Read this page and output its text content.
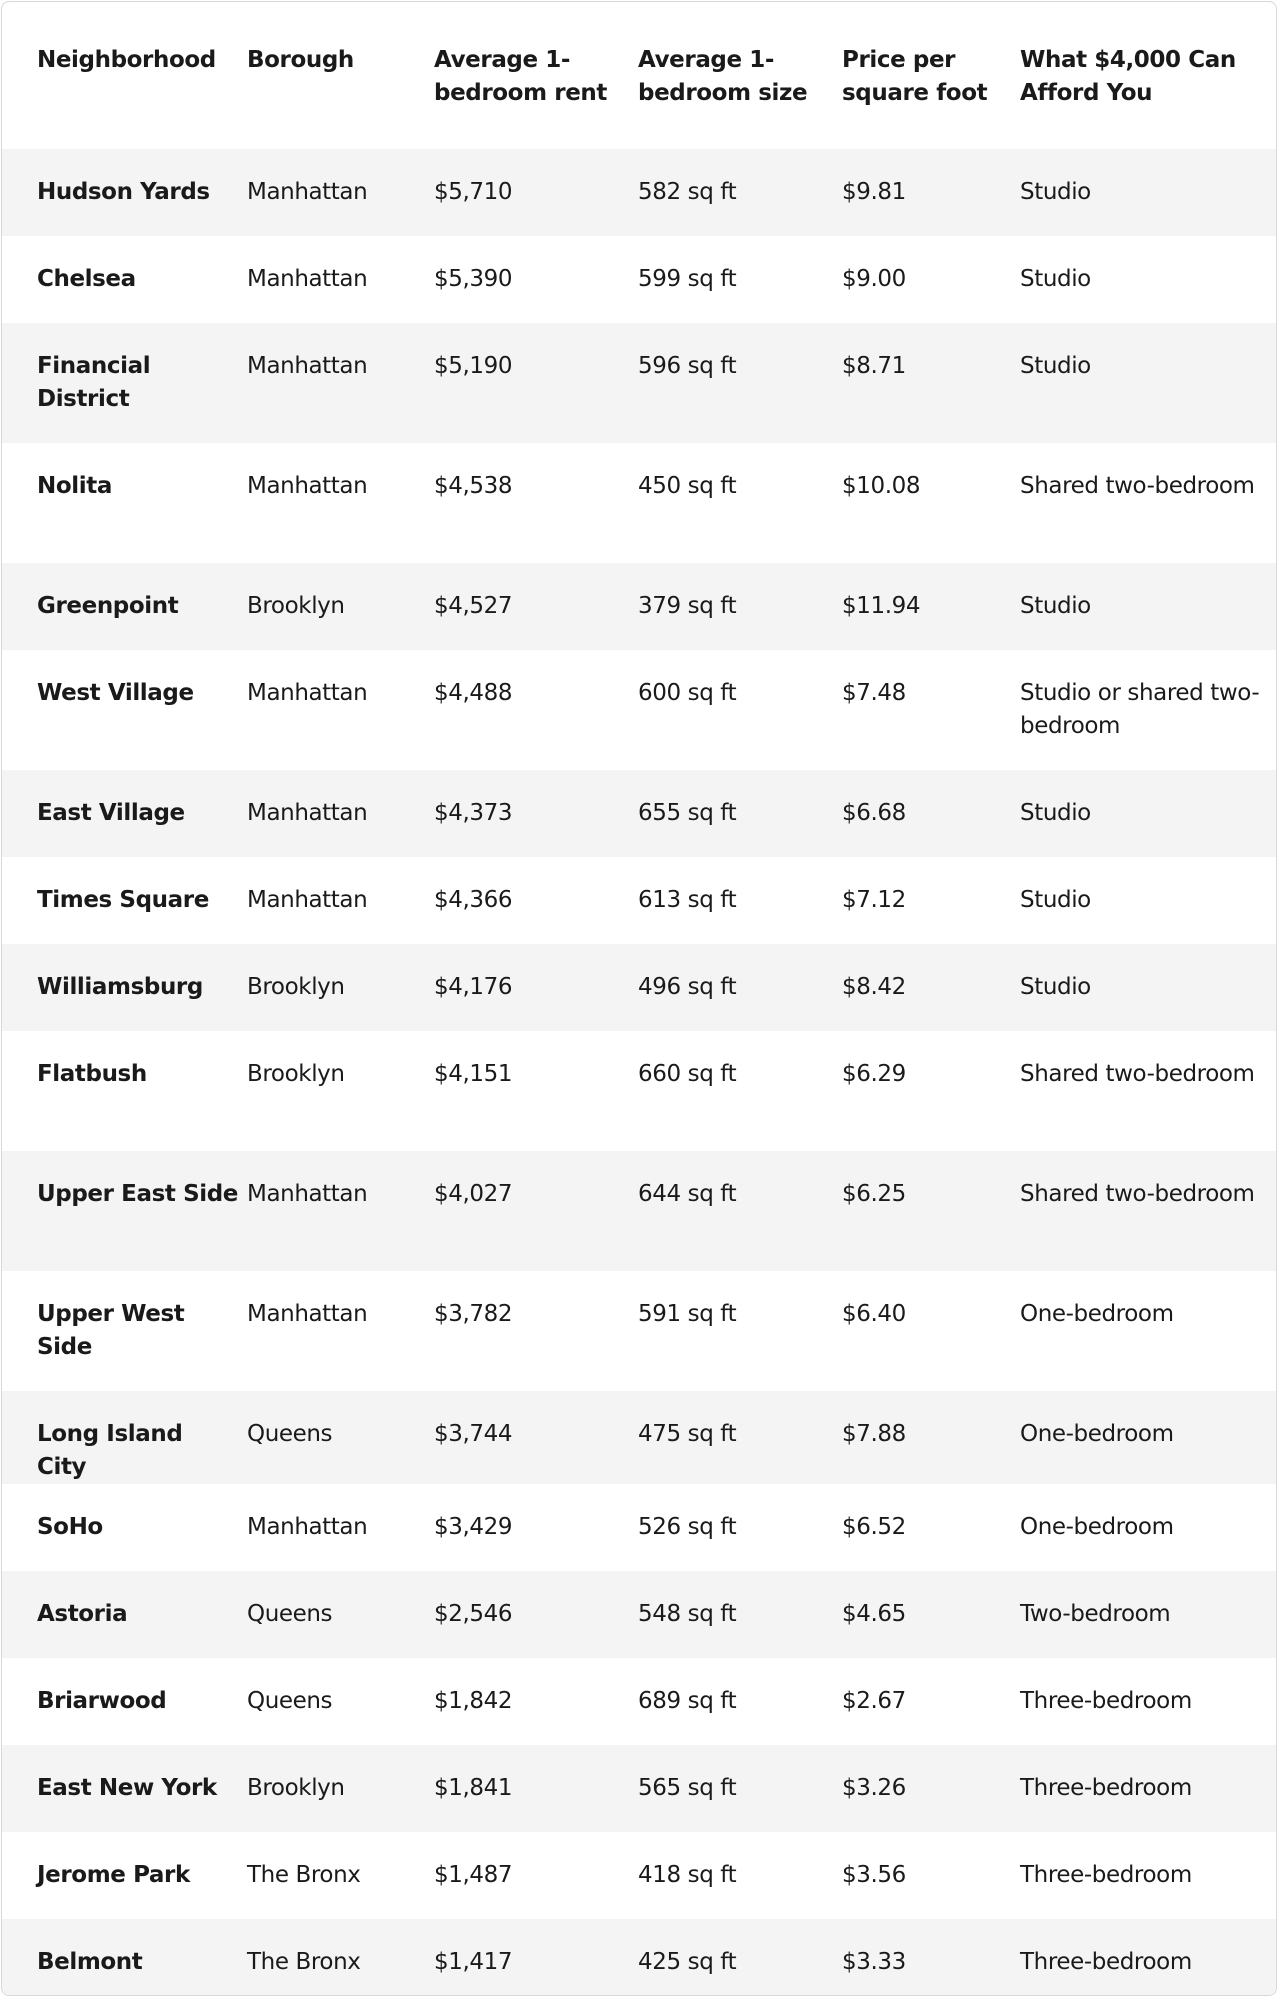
Neighborhood	Borough	Average 1-bedroom rent	Average 1-bedroom size	Price per square foot	What $4,000 Can Afford You
Hudson Yards	Manhattan	$5,710	582 sq ft	$9.81	Studio
Chelsea	Manhattan	$5,390	599 sq ft	$9.00	Studio
Financial District	Manhattan	$5,190	596 sq ft	$8.71	Studio
Nolita	Manhattan	$4,538	450 sq ft	$10.08	Shared two-bedroom
Greenpoint	Brooklyn	$4,527	379 sq ft	$11.94	Studio
West Village	Manhattan	$4,488	600 sq ft	$7.48	Studio or shared two-bedroom
East Village	Manhattan	$4,373	655 sq ft	$6.68	Studio
Times Square	Manhattan	$4,366	613 sq ft	$7.12	Studio
Williamsburg	Brooklyn	$4,176	496 sq ft	$8.42	Studio
Flatbush	Brooklyn	$4,151	660 sq ft	$6.29	Shared two-bedroom
Upper East Side	Manhattan	$4,027	644 sq ft	$6.25	Shared two-bedroom
Upper West Side	Manhattan	$3,782	591 sq ft	$6.40	One-bedroom
Long Island City	Queens	$3,744	475 sq ft	$7.88	One-bedroom
SoHo	Manhattan	$3,429	526 sq ft	$6.52	One-bedroom
Astoria	Queens	$2,546	548 sq ft	$4.65	Two-bedroom
Briarwood	Queens	$1,842	689 sq ft	$2.67	Three-bedroom
East New York	Brooklyn	$1,841	565 sq ft	$3.26	Three-bedroom
Jerome Park	The Bronx	$1,487	418 sq ft	$3.56	Three-bedroom
Belmont	The Bronx	$1,417	425 sq ft	$3.33	Three-bedroom
